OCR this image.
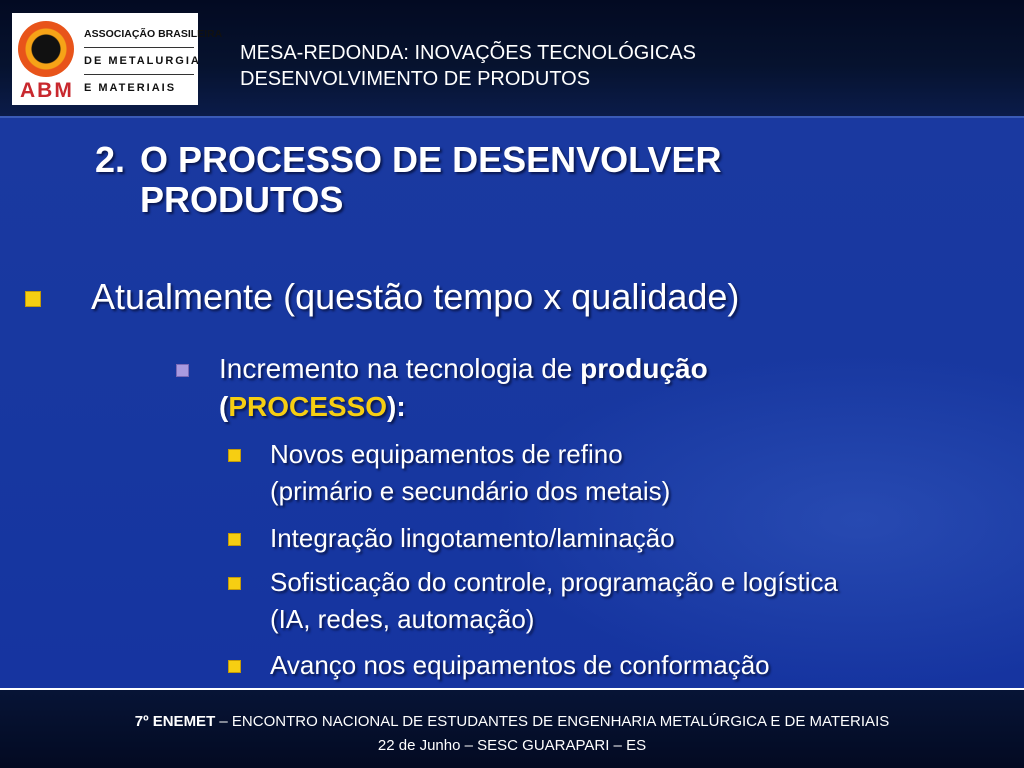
ABM
ASSOCIAÇÃO BRASILEIRA
DE METALURGIA
E MATERIAIS
MESA-REDONDA: INOVAÇÕES TECNOLÓGICAS
DESENVOLVIMENTO DE PRODUTOS
2. O PROCESSO DE DESENVOLVER
PRODUTOS
Atualmente (questão tempo x qualidade)
Incremento na tecnologia de produção
(PROCESSO):
Novos equipamentos de refino
(primário e secundário dos metais)
Integração lingotamento/laminação
Sofisticação do controle, programação e logística
(IA, redes, automação)
Avanço nos equipamentos de conformação
7º ENEMET – ENCONTRO NACIONAL DE ESTUDANTES DE ENGENHARIA METALÚRGICA E DE MATERIAIS
22 de Junho – SESC GUARAPARI – ES
